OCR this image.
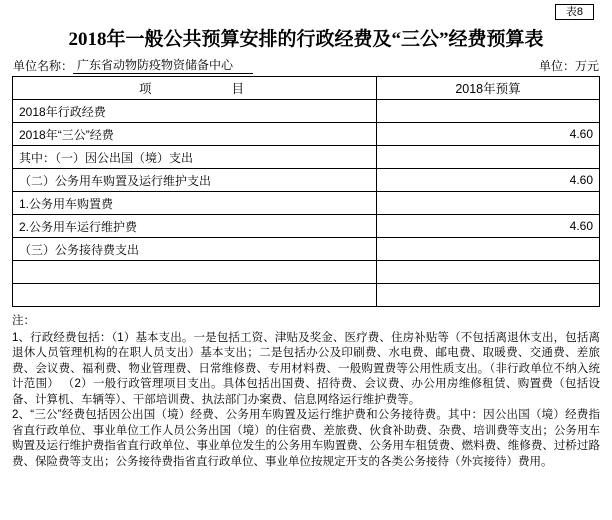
表8
2018年一般公共预算安排的行政经费及“三公”经费预算表
单位名称： 广东省动物防疫物资储备中心	单位：万元
项　　　　目	2018年预算
2018年行政经费	
2018年“三公”经费	4.60
其中：（一）因公出国（境）支出	
（二）公务用车购置及运行维护支出	4.60
1.公务用车购置费	
2.公务用车运行维护费	4.60
（三）公务接待费支出	

注：

1、行政经费包括：（1）基本支出。一是包括工资、津贴及奖金、医疗费、住房补贴等（不包括离退休支出，包括离退休人员管理机构的在职人员支出）基本支出；二是包括办公及印刷费、水电费、邮电费、取暖费、交通费、差旅费、会议费、福利费、物业管理费、日常维修费、专用材料费、一般购置费等公用性质支出。（非行政单位不纳入统计范围） （2）一般行政管理项目支出。具体包括出国费、招待费、会议费、办公用房维修租赁、购置费（包括设备、计算机、车辆等）、干部培训费、执法部门办案费、信息网络运行维护费等。

2、“三公”经费包括因公出国（境）经费、公务用车购置及运行维护费和公务接待费。其中：因公出国（境）经费指省直行政单位、事业单位工作人员公务出国（境）的住宿费、差旅费、伙食补助费、杂费、培训费等支出；公务用车购置及运行维护费指省直行政单位、事业单位发生的公务用车购置费、公务用车租赁费、燃料费、维修费、过桥过路费、保险费等支出；公务接待费指省直行政单位、事业单位按规定开支的各类公务接待（外宾接待）费用。
